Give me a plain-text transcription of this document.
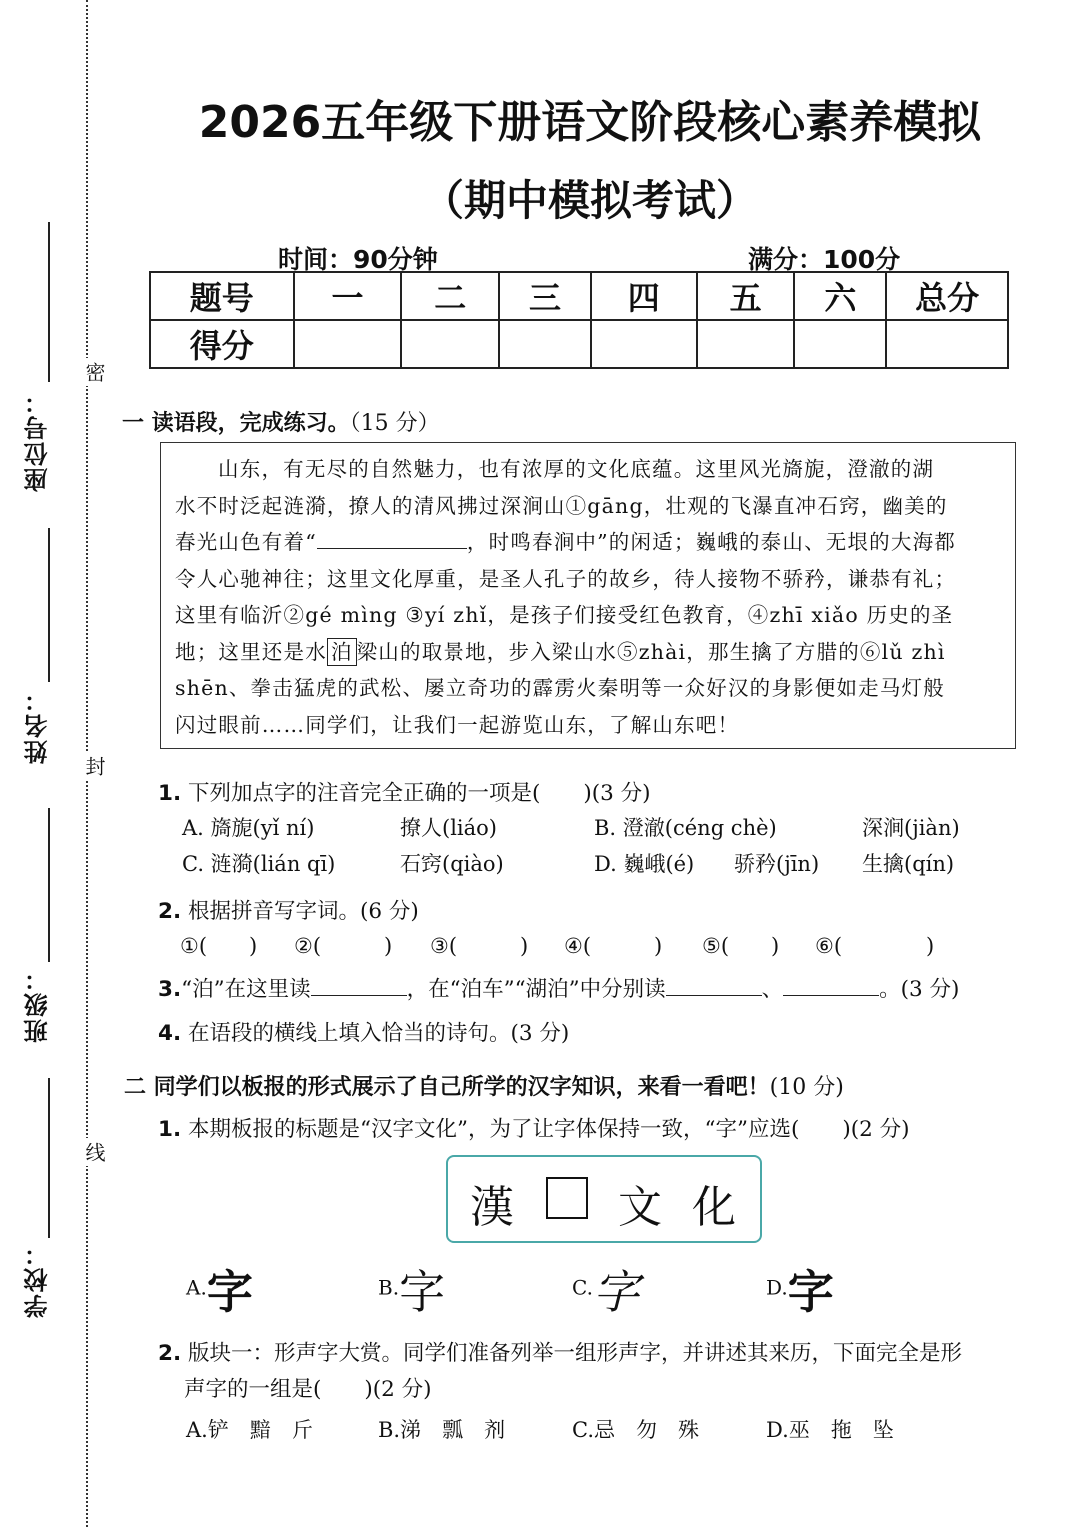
密
封
线
座位号：
姓名：
班级：
学校：
2026五年级下册语文阶段核心素养模拟
（期中模拟考试）
时间：90分钟	满分：100分
题号	一	二	三	四	五	六	总分
得分							
一 读语段，完成练习。（15 分）

山东，有无尽的自然魅力，也有浓厚的文化底蕴。这里风光旖旎，澄澈的湖

水不时泛起涟漪，撩人的清风拂过深涧山①gāng，壮观的飞瀑直冲石窍，幽美的
春光山色有着“	，时鸣春涧中”的闲适；巍峨的泰山、无垠的大海都
令人心驰神往；这里文化厚重，是圣人孔子的故乡，待人接物不骄矜，谦恭有礼；
这里有临沂②gé mìng ③yí zhǐ，是孩子们接受红色教育，④zhī xiǎo 历史的圣
地；这里还是水 泊 梁山的取景地，步入梁山水⑤zhài，那生擒了方腊的⑥lǔ zhì
shēn、拳击猛虎的武松、屡立奇功的霹雳火秦明等一众好汉的身影便如走马灯般
闪过眼前……同学们，让我们一起游览山东，了解山东吧！
1. 下列加点字的注音完全正确的一项是(　　)(3 分)
A. 旖旎(yǐ ní)	撩人(liáo)	B. 澄澈(céng chè)	深涧(jiàn)
C. 涟漪(lián qī)	石窍(qiào)	D. 巍峨(é) 骄矜(jīn) 生擒(qín)
2. 根据拼音写字词。(6 分)
①(　　) ②(　　　) ③(　　　) ④(　　　) ⑤(　　) ⑥(　　　　)
3.“泊”在这里读	，在“泊车”“湖泊”中分别读	、	。(3 分)
4. 在语段的横线上填入恰当的诗句。(3 分)
二 同学们以板报的形式展示了自己所学的汉字知识，来看一看吧！(10 分)
1. 本期板报的标题是“汉字文化”，为了让字体保持一致，“字”应选(　　)(2 分)
漢 文 化
A.字	B.字	C.字	D.字
2. 版块一：形声字大赏。同学们准备列举一组形声字，并讲述其来历，下面完全是形
声字的一组是(　　)(2 分)
A.铲　黯　斤	B.涕　瓢　剂	C.忌　勿　殊	D.巫　拖　坠
